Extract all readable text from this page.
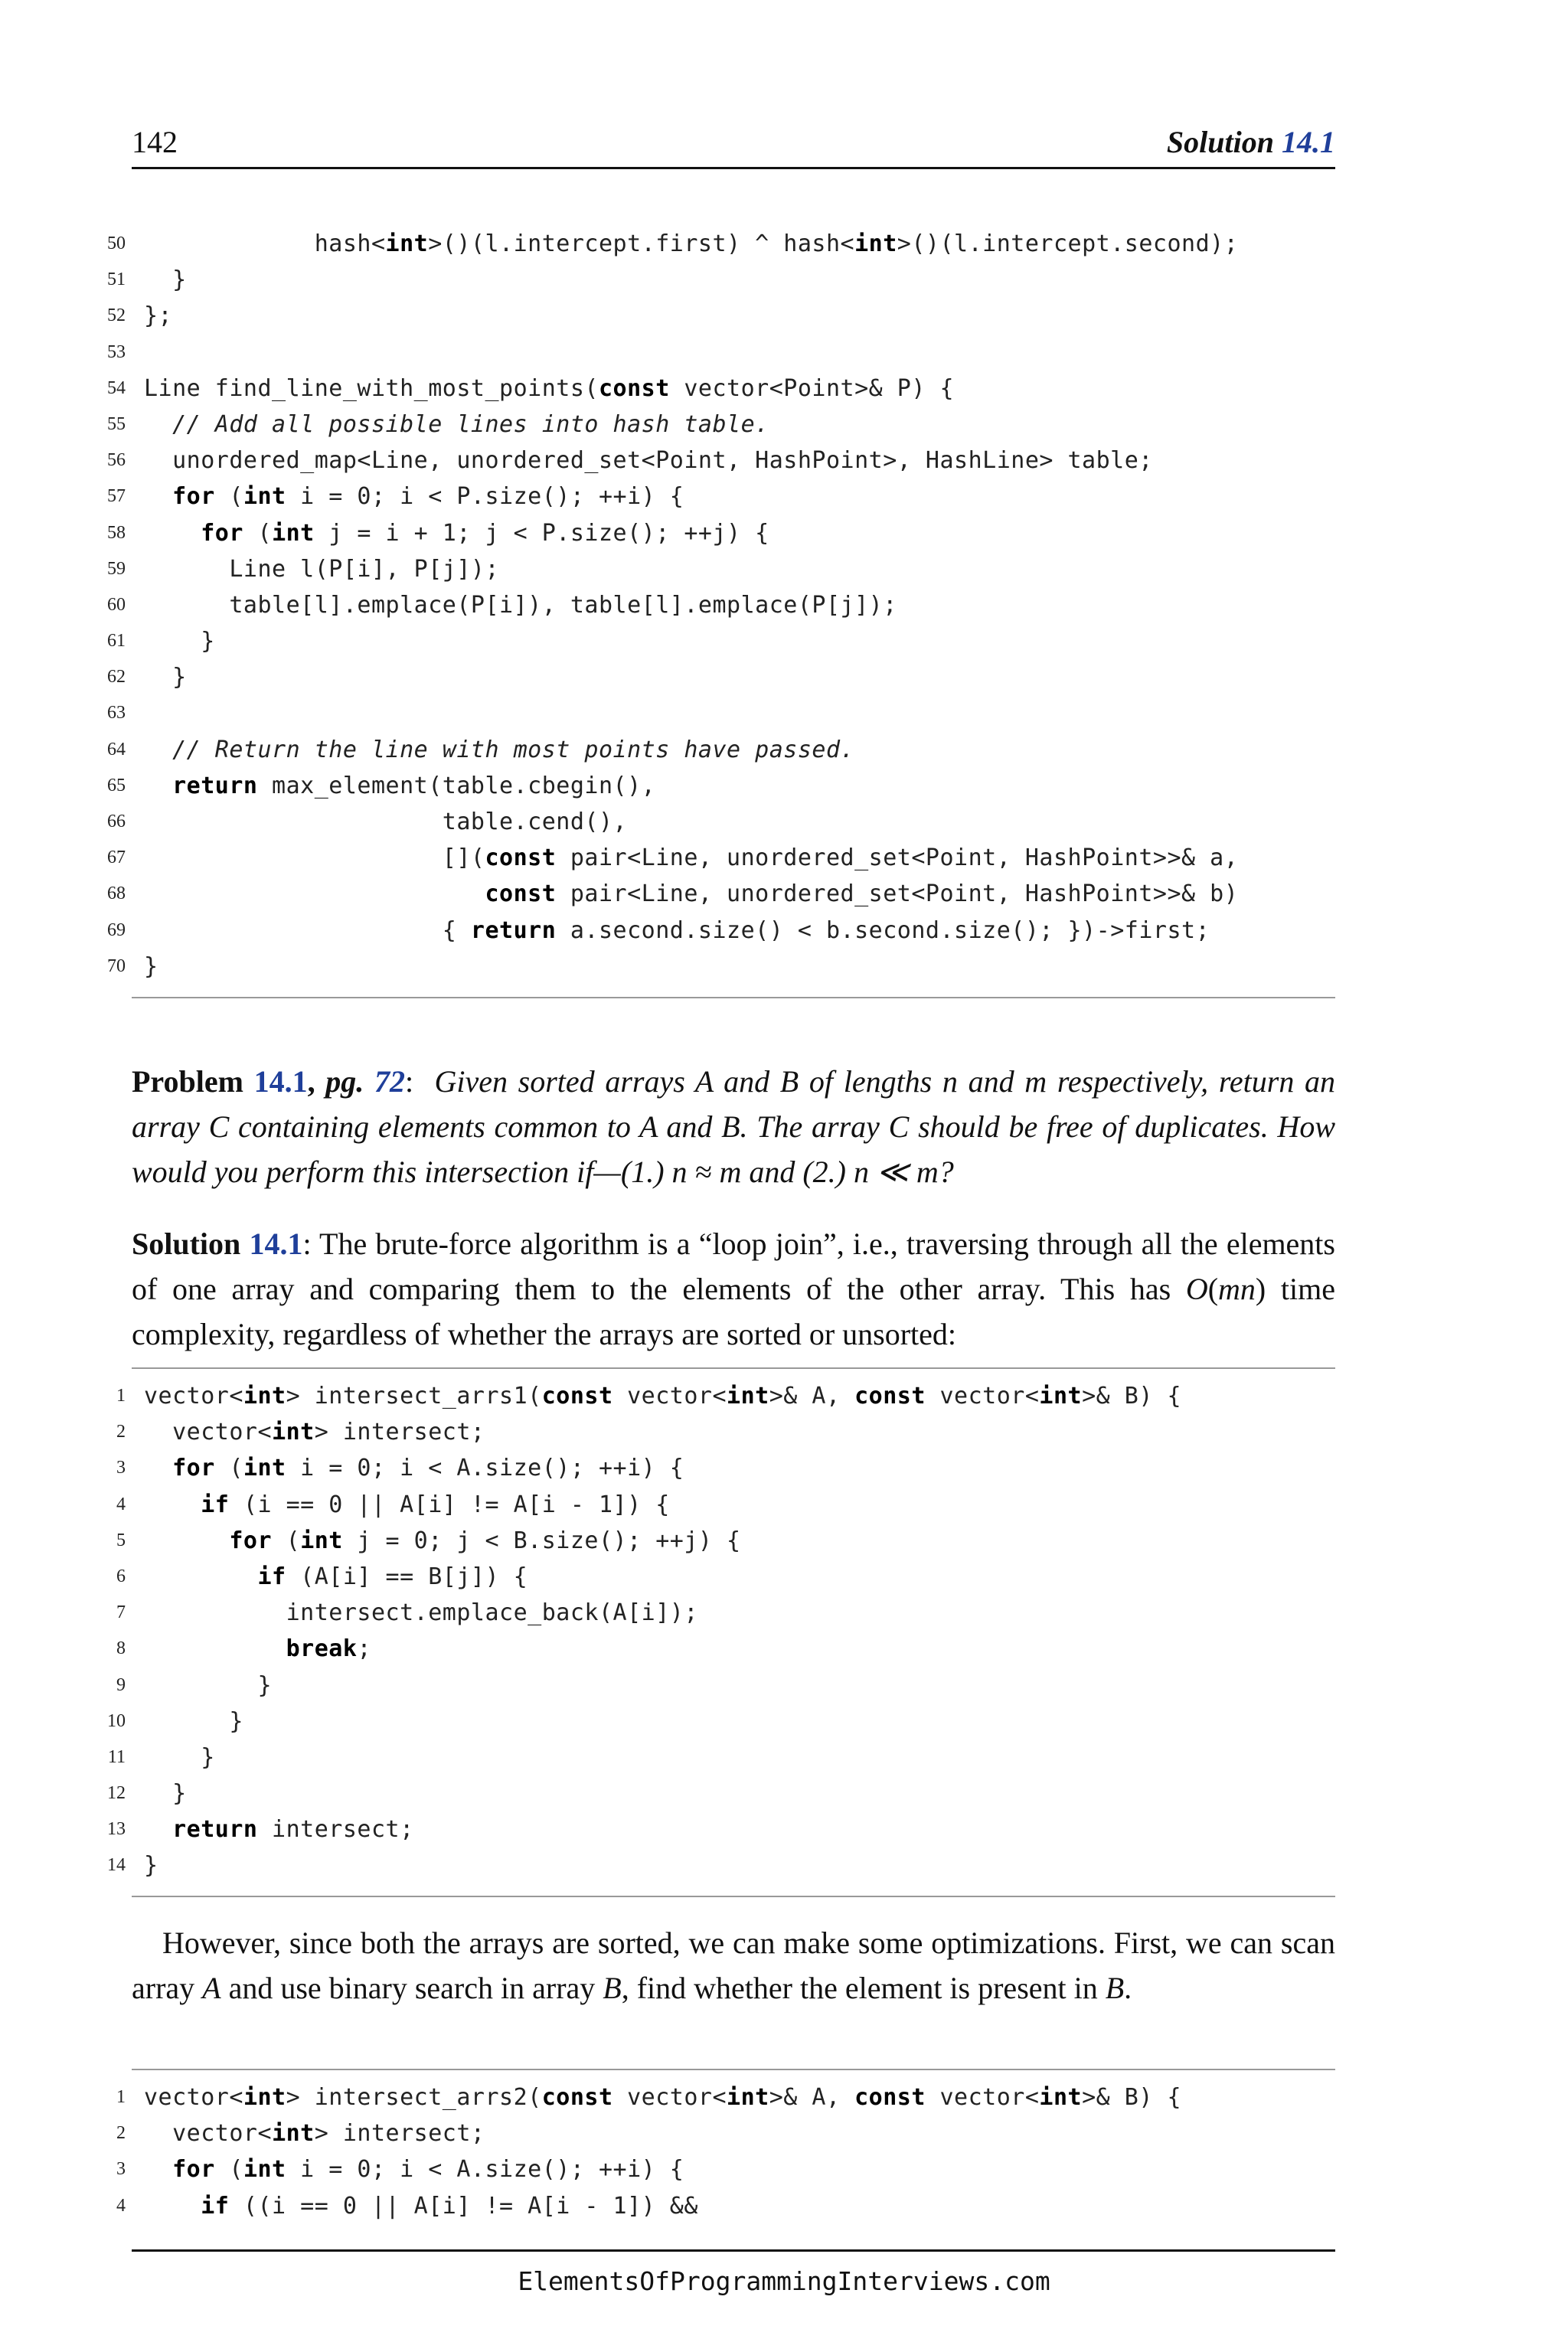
142	Solution 14.1
50 hash<int>()(l.intercept.first) ^ hash<int>()(l.intercept.second);
51 }
52 };
53
54 Line find_line_with_most_points(const vector<Point>& P) {
55	// Add all possible lines into hash table.
56 unordered_map<Line, unordered_set<Point, HashPoint>, HashLine> table;
57	for (int i = 0; i < P.size(); ++i) {
58	for (int j = i + 1; j < P.size(); ++j) {
59 Line l(P[i], P[j]);
60 table[l].emplace(P[i]), table[l].emplace(P[j]);
61 }
62 }
63
64	// Return the line with most points have passed.
65	return max_element(table.cbegin(),
66 table.cend(),
67 [](const pair<Line, unordered_set<Point, HashPoint>>& a,
68	const pair<Line, unordered_set<Point, HashPoint>>& b)
69 { return a.second.size() < b.second.size(); })->first;
70 }
Problem 14.1, pg. 72:  Given sorted arrays A and B of lengths n and m respectively, return an array C containing elements common to A and B. The array C should be free of duplicates. How would you perform this intersection if—(1.) n ≈ m and (2.) n ≪ m?
Solution 14.1: The brute-force algorithm is a “loop join”, i.e., traversing through all the elements of one array and comparing them to the elements of the other array. This has O(mn) time complexity, regardless of whether the arrays are sorted or unsorted:
1 vector<int> intersect_arrs1(const vector<int>& A, const vector<int>& B) {
2 vector<int> intersect;
3	for (int i = 0; i < A.size(); ++i) {
4	if (i == 0 || A[i] != A[i - 1]) {
5	for (int j = 0; j < B.size(); ++j) {
6	if (A[i] == B[j]) {
7 intersect.emplace_back(A[i]);
8	break;
9 }
10 }
11 }
12 }
13	return intersect;
14 }
 However, since both the arrays are sorted, we can make some optimizations. First, we can scan array A and use binary search in array B, find whether the element is present in B.
1 vector<int> intersect_arrs2(const vector<int>& A, const vector<int>& B) {
2 vector<int> intersect;
3	for (int i = 0; i < A.size(); ++i) {
4	if ((i == 0 || A[i] != A[i - 1]) &&
ElementsOfProgrammingInterviews.com
